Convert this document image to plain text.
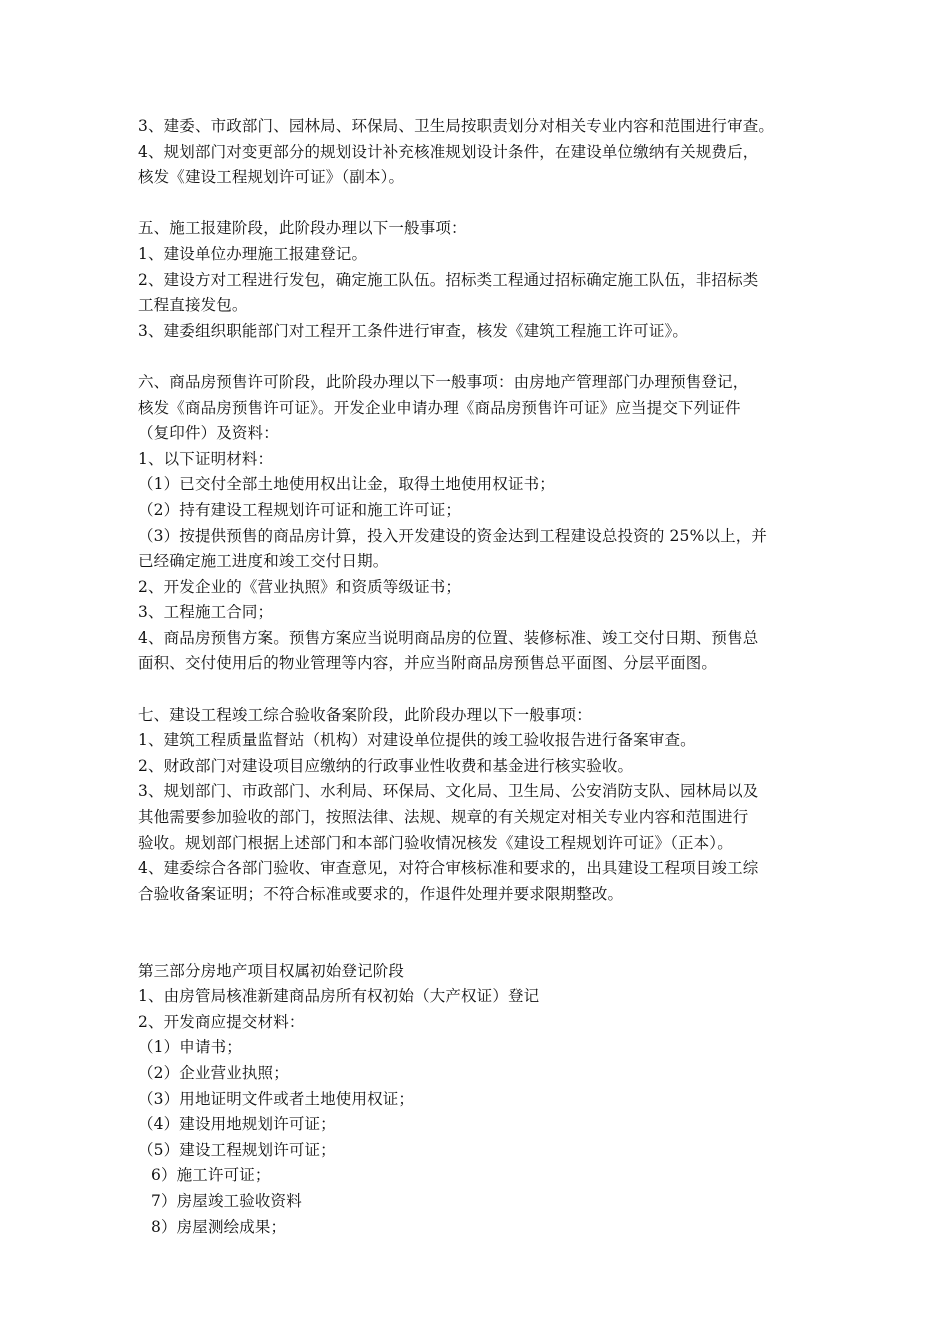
3、建委、市政部门、园林局、环保局、卫生局按职责划分对相关专业内容和范围进行审查。
4、规划部门对变更部分的规划设计补充核准规划设计条件，在建设单位缴纳有关规费后，
核发《建设工程规划许可证》（副本）。
五、施工报建阶段，此阶段办理以下一般事项：
1、建设单位办理施工报建登记。
2、建设方对工程进行发包，确定施工队伍。招标类工程通过招标确定施工队伍，非招标类
工程直接发包。
3、建委组织职能部门对工程开工条件进行审查，核发《建筑工程施工许可证》。
六、商品房预售许可阶段，此阶段办理以下一般事项：由房地产管理部门办理预售登记，
核发《商品房预售许可证》。开发企业申请办理《商品房预售许可证》应当提交下列证件
（复印件）及资料：
1、以下证明材料：
（1）已交付全部土地使用权出让金，取得土地使用权证书；
（2）持有建设工程规划许可证和施工许可证；
（3）按提供预售的商品房计算，投入开发建设的资金达到工程建设总投资的 25%以上，并
已经确定施工进度和竣工交付日期。
2、开发企业的《营业执照》和资质等级证书；
3、工程施工合同；
4、商品房预售方案。预售方案应当说明商品房的位置、装修标准、竣工交付日期、预售总
面积、交付使用后的物业管理等内容，并应当附商品房预售总平面图、分层平面图。
七、建设工程竣工综合验收备案阶段，此阶段办理以下一般事项：
1、建筑工程质量监督站（机构）对建设单位提供的竣工验收报告进行备案审查。
2、财政部门对建设项目应缴纳的行政事业性收费和基金进行核实验收。
3、规划部门、市政部门、水利局、环保局、文化局、卫生局、公安消防支队、园林局以及
其他需要参加验收的部门，按照法律、法规、规章的有关规定对相关专业内容和范围进行
验收。规划部门根据上述部门和本部门验收情况核发《建设工程规划许可证》（正本）。
4、建委综合各部门验收、审查意见，对符合审核标准和要求的，出具建设工程项目竣工综
合验收备案证明；不符合标准或要求的，作退件处理并要求限期整改。
第三部分房地产项目权属初始登记阶段
1、由房管局核准新建商品房所有权初始（大产权证）登记
2、开发商应提交材料：
（1）申请书；
（2）企业营业执照；
（3）用地证明文件或者土地使用权证；
（4）建设用地规划许可证；
（5）建设工程规划许可证；
6）施工许可证；
7）房屋竣工验收资料
8）房屋测绘成果；
